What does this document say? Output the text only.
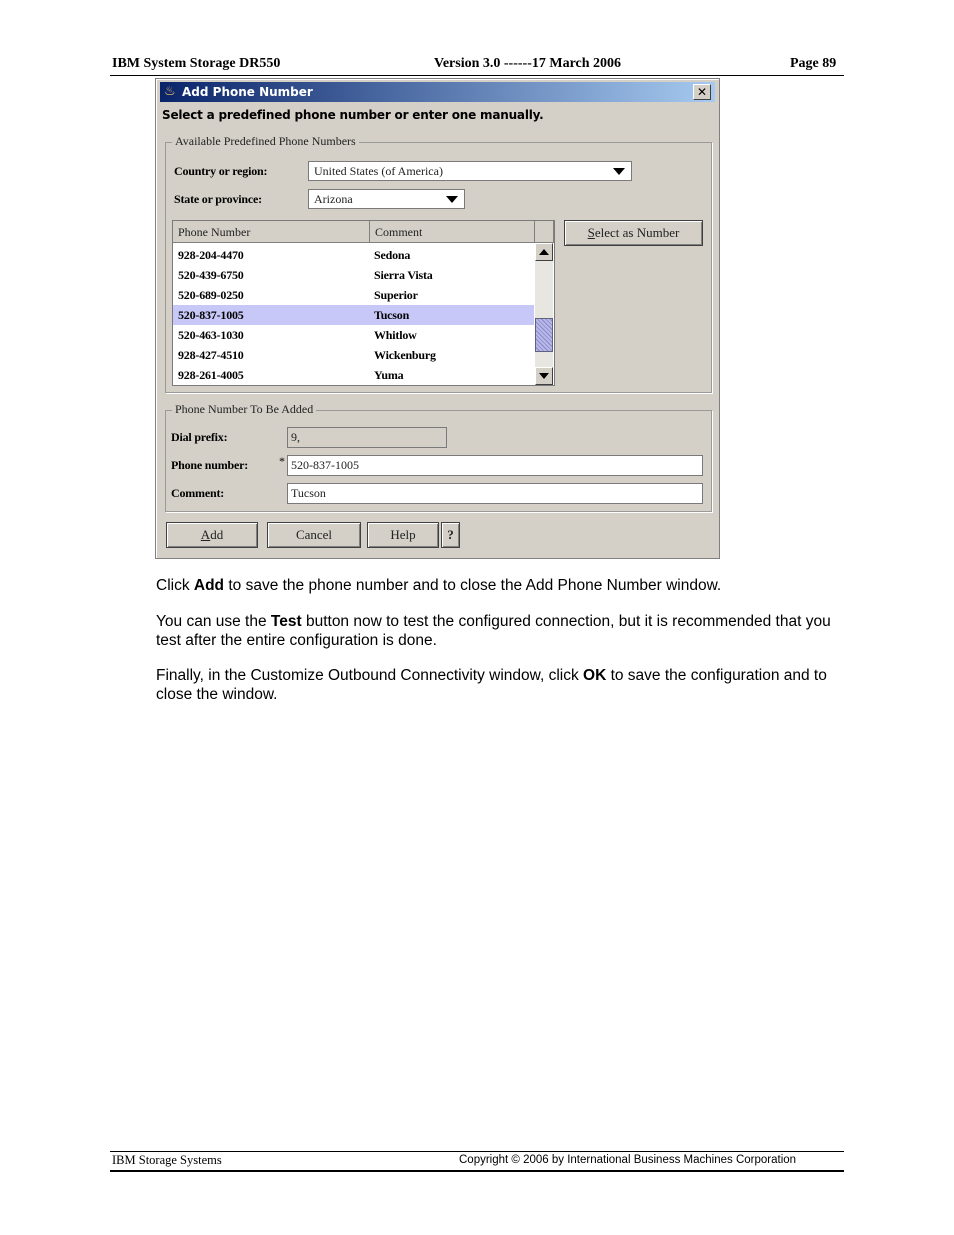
IBM System Storage DR550	Version 3.0 ------17 March 2006	Page 89
♨ Add Phone Number	✕
Select a predefined phone number or enter one manually.
Available Predefined Phone Numbers
Country or region:	United States (of America)
State or province:	Arizona
Phone Number	Comment
928-204-4470	Sedona
520-439-6750	Sierra Vista
520-689-0250	Superior
520-837-1005	Tucson
520-463-1030	Whitlow
928-427-4510	Wickenburg
928-261-4005	Yuma
Select as Number
Phone Number To Be Added
Dial prefix:	9,
Phone number:	* 520-837-1005
Comment:	Tucson
Add	Cancel	Help	?
Click Add to save the phone number and to close the Add Phone Number window.
You can use the Test button now to test the configured connection, but it is recommended that you test after the entire configuration is done.
Finally, in the Customize Outbound Connectivity window, click OK to save the configuration and to close the window.
IBM Storage Systems	Copyright © 2006 by International Business Machines Corporation
